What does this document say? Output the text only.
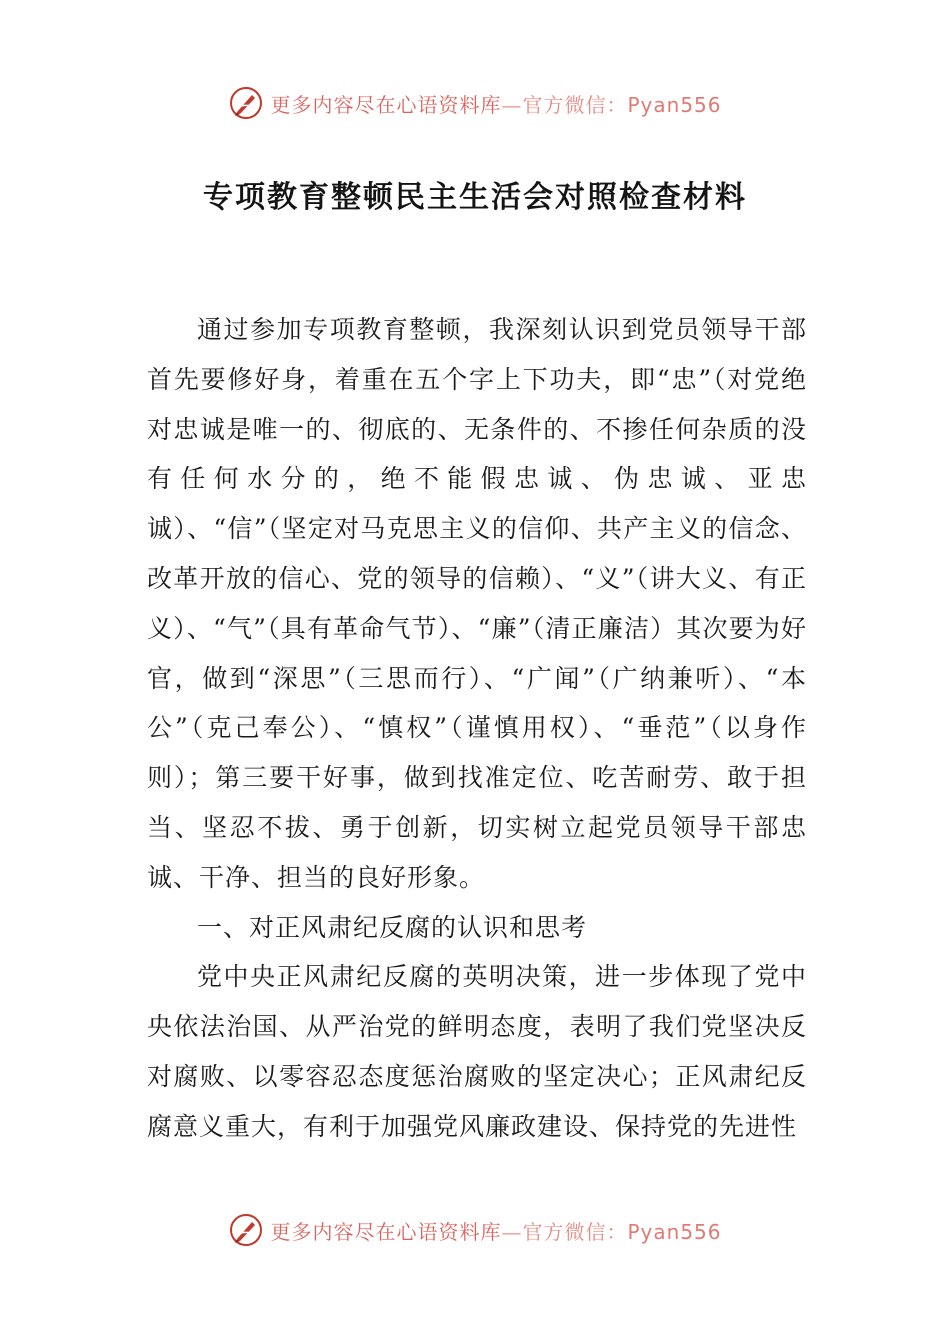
更多内容尽在心语资料库—官方微信：Pyan556
专项教育整顿民主生活会对照检查材料

通过参加专项教育整顿，我深刻认识到党员领导干部首先要修好身，着重在五个字上下功夫，即“忠”（对党绝对忠诚是唯一的、彻底的、无条件的、不掺任何杂质的没有任何水分的，绝不能假忠诚、伪忠诚、亚忠诚）、“信”（坚定对马克思主义的信仰、共产主义的信念、改革开放的信心、党的领导的信赖）、“义”（讲大义、有正义）、“气”（具有革命气节）、“廉”（清正廉洁）其次要为好官，做到“深思”（三思而行）、“广闻”（广纳兼听）、“本公”（克己奉公）、“慎权”（谨慎用权）、“垂范”（以身作则）；第三要干好事，做到找准定位、吃苦耐劳、敢于担当、坚忍不拔、勇于创新，切实树立起党员领导干部忠诚、干净、担当的良好形象。

一、对正风肃纪反腐的认识和思考

党中央正风肃纪反腐的英明决策，进一步体现了党中央依法治国、从严治党的鲜明态度，表明了我们党坚决反对腐败、以零容忍态度惩治腐败的坚定决心；正风肃纪反腐意义重大，有利于加强党风廉政建设、保持党的先进性

更多内容尽在心语资料库—官方微信：Pyan556
